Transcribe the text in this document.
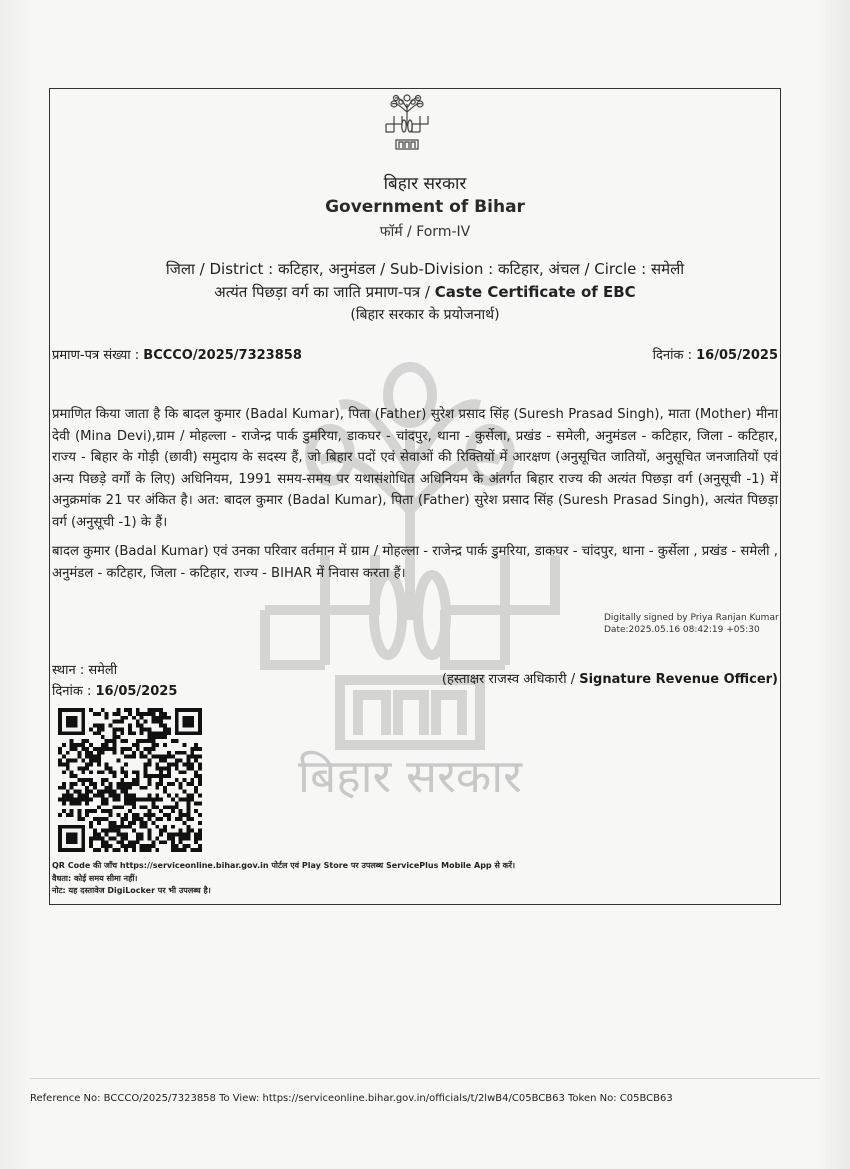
बिहार सरकार
Government of Bihar
फॉर्म / Form-IV
जिला / District : कटिहार, अनुमंडल / Sub-Division : कटिहार, अंचल / Circle : समेली
अत्यंत पिछड़ा वर्ग का जाति प्रमाण-पत्र / Caste Certificate of EBC
(बिहार सरकार के प्रयोजनार्थ)
प्रमाण-पत्र संख्या : BCCCO/2025/7323858	दिनांक : 16/05/2025
बिहार सरकार
प्रमाणित किया जाता है कि बादल कुमार (Badal Kumar), पिता (Father) सुरेश प्रसाद सिंह (Suresh Prasad Singh), माता (Mother) मीना देवी (Mina Devi),ग्राम / मोहल्ला - राजेन्द्र पार्क डुमरिया, डाकघर - चांदपुर, थाना - कुर्सेला, प्रखंड - समेली, अनुमंडल - कटिहार, जिला - कटिहार, राज्य - बिहार के गोड़ी (छावी) समुदाय के सदस्य हैं, जो बिहार पदों एवं सेवाओं की रिक्तियों में आरक्षण (अनुसूचित जातियों, अनुसूचित जनजातियों एवं अन्य पिछड़े वर्गों के लिए) अधिनियम, 1991 समय-समय पर यथासंशोधित अधिनियम के अंतर्गत बिहार राज्य की अत्यंत पिछड़ा वर्ग (अनुसूची -1) में अनुक्रमांक 21 पर अंकित है। अत: बादल कुमार (Badal Kumar), पिता (Father) सुरेश प्रसाद सिंह (Suresh Prasad Singh), अत्यंत पिछड़ा वर्ग (अनुसूची -1) के हैं।
बादल कुमार (Badal Kumar) एवं उनका परिवार वर्तमान में ग्राम / मोहल्ला - राजेन्द्र पार्क डुमरिया, डाकघर - चांदपुर, थाना - कुर्सेला , प्रखंड - समेली , अनुमंडल - कटिहार, जिला - कटिहार, राज्य - BIHAR में निवास करता हैं।
Digitally signed by Priya Ranjan Kumar
Date:2025.05.16 08:42:19 +05:30
स्थान : समेली
दिनांक : 16/05/2025
(हस्ताक्षर राजस्व अधिकारी / Signature Revenue Officer)
QR Code की जाँच https://serviceonline.bihar.gov.in पोर्टल एवं Play Store पर उपलब्ध ServicePlus Mobile App से करें।
वैधता: कोई समय सीमा नहीं।
नोट: यह दस्तावेज DigiLocker पर भी उपलब्ध है।
Reference No: BCCCO/2025/7323858 To View: https://serviceonline.bihar.gov.in/officials/t/2lwB4/C05BCB63 Token No: C05BCB63
